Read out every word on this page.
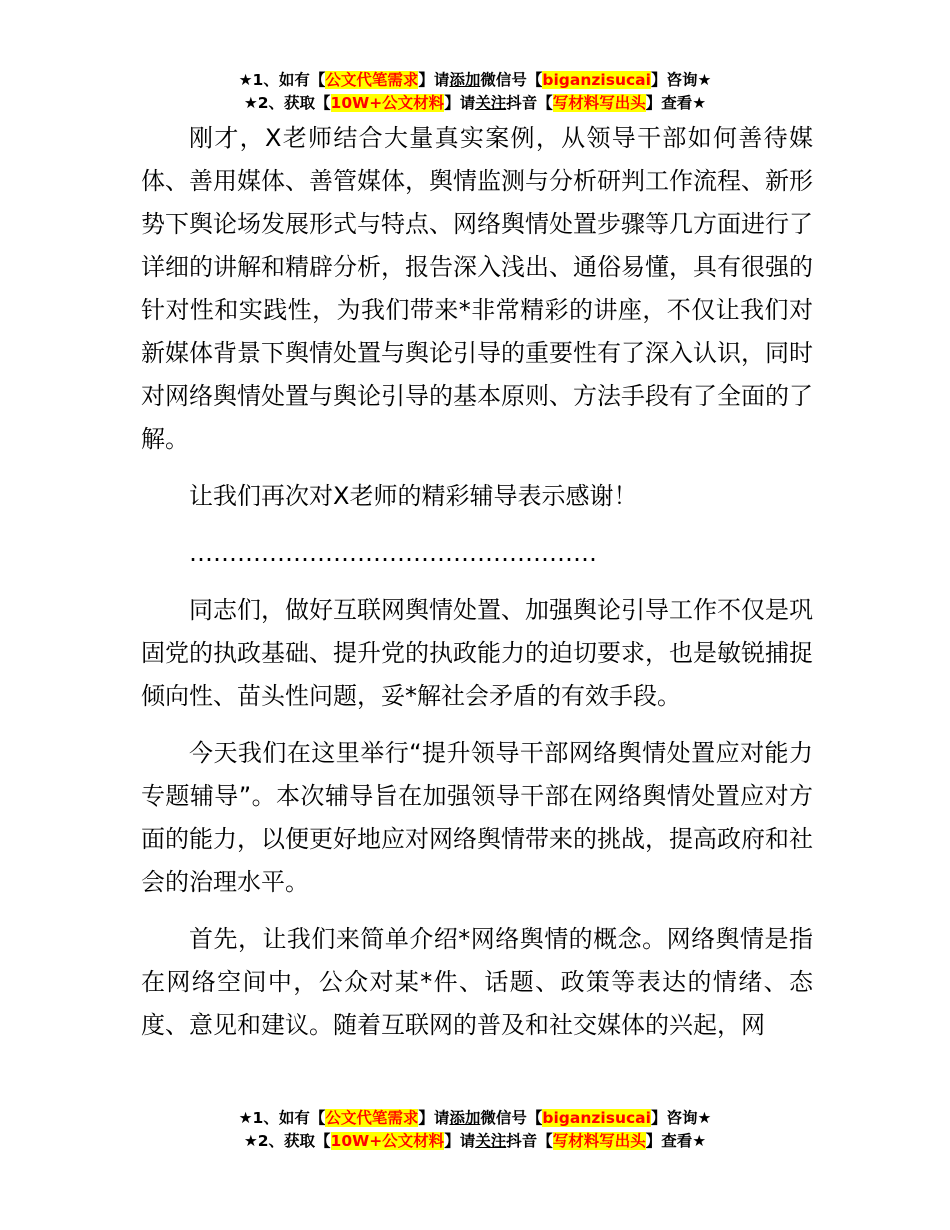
★1、如有【公文代笔需求】请添加微信号【biganzisucai】咨询★
★2、获取【10W+公文材料】请关注抖音【写材料写出头】查看★

刚才，X老师结合大量真实案例，从领导干部如何善待媒体、善用媒体、善管媒体，舆情监测与分析研判工作流程、新形势下舆论场发展形式与特点、网络舆情处置步骤等几方面进行了详细的讲解和精辟分析，报告深入浅出、通俗易懂，具有很强的针对性和实践性，为我们带来*非常精彩的讲座，不仅让我们对新媒体背景下舆情处置与舆论引导的重要性有了深入认识，同时对网络舆情处置与舆论引导的基本原则、方法手段有了全面的了解。

让我们再次对X老师的精彩辅导表示感谢！

……………………………………………

同志们，做好互联网舆情处置、加强舆论引导工作不仅是巩固党的执政基础、提升党的执政能力的迫切要求，也是敏锐捕捉倾向性、苗头性问题，妥*解社会矛盾的有效手段。

今天我们在这里举行“提升领导干部网络舆情处置应对能力专题辅导”。本次辅导旨在加强领导干部在网络舆情处置应对方面的能力，以便更好地应对网络舆情带来的挑战，提高政府和社会的治理水平。

首先，让我们来简单介绍*网络舆情的概念。网络舆情是指在网络空间中，公众对某*件、话题、政策等表达的情绪、态度、意见和建议。随着互联网的普及和社交媒体的兴起，网

★1、如有【公文代笔需求】请添加微信号【biganzisucai】咨询★
★2、获取【10W+公文材料】请关注抖音【写材料写出头】查看★
